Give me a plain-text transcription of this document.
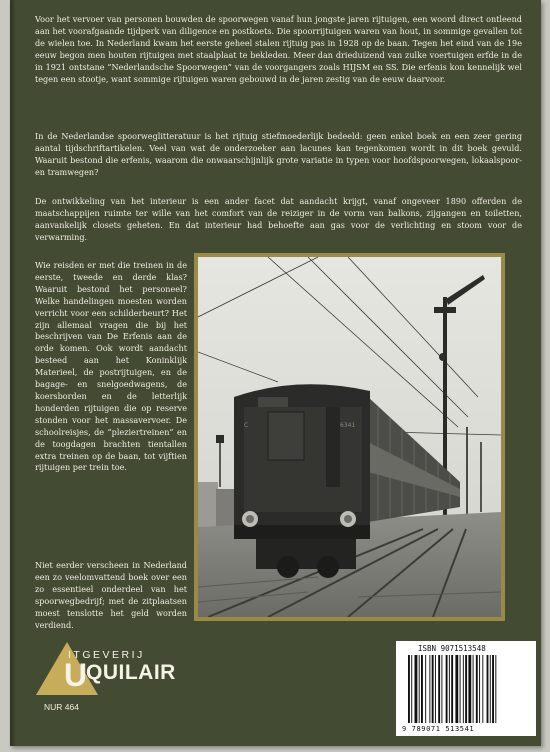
Voor het vervoer van personen bouwden de spoorwegen vanaf hun jongste jaren rijtuigen, een woord direct ontleend aan het voorafgaande tijdperk van diligence en postkoets. Die spoorrijtuigen waren van hout, in sommige gevallen tot de wielen toe. In Nederland kwam het eerste geheel stalen rijtuig pas in 1928 op de baan. Tegen het eind van de 19e eeuw begon men houten rijtuigen met staalplaat te bekleden. Meer dan drieduizend van zulke voertuigen erfde in de in 1921 ontstane ”Nederlandsche Spoorwegen” van de voorgangers zoals HIJSM en SS. Die erfenis kon kennelijk wel tegen een stootje, want sommige rijtuigen waren gebouwd in de jaren zestig van de eeuw daarvoor.

In de Nederlandse spoorweglitteratuur is het rijtuig stiefmoederlijk bedeeld: geen enkel boek en een zeer gering aantal tijdschriftartikelen. Veel van wat de onderzoeker aan lacunes kan tegenkomen wordt in dit boek gevuld. Waaruit bestond die erfenis, waarom die onwaarschijnlijk grote variatie in typen voor hoofdspoorwegen, lokaalspoor- en tramwegen?

De ontwikkeling van het interieur is een ander facet dat aandacht krijgt, vanaf ongeveer 1890 offerden de maatschappijen ruimte ter wille van het comfort van de reiziger in de vorm van balkons, zijgangen en toiletten, aanvankelijk closets geheten. En dat interieur had behoefte aan gas voor de verlichting en stoom voor de verwarming.

Wie reisden er met die treinen in de eerste, tweede en derde klas? Waaruit bestond het personeel? Welke handelingen moesten worden verricht voor een schilderbeurt? Het zijn allemaal vragen die bij het beschrijven van De Erfenis aan de orde komen. Ook wordt aandacht besteed aan het Koninklijk Materieel, de postrijtuigen, en de bagage- en snelgoedwagens, de koersborden en de letterlijk honderden rijtuigen die op reserve stonden voor het massavervoer. De schoolreisjes, de ”pleziertreinen” en de toogdagen brachten tientallen extra treinen op de baan, tot vijftien rijtuigen per trein toe.

Niet eerder verscheen in Nederland een zo veelomvattend boek over een zo essentieel onderdeel van het spoorwegbedrijf; met de zitplaatsen moest tenslotte het geld worden verdiend.

C	6341
U
ITGEVERIJ
QUILAIR
NUR 464
ISBN 9071513548
9 789071 513541
